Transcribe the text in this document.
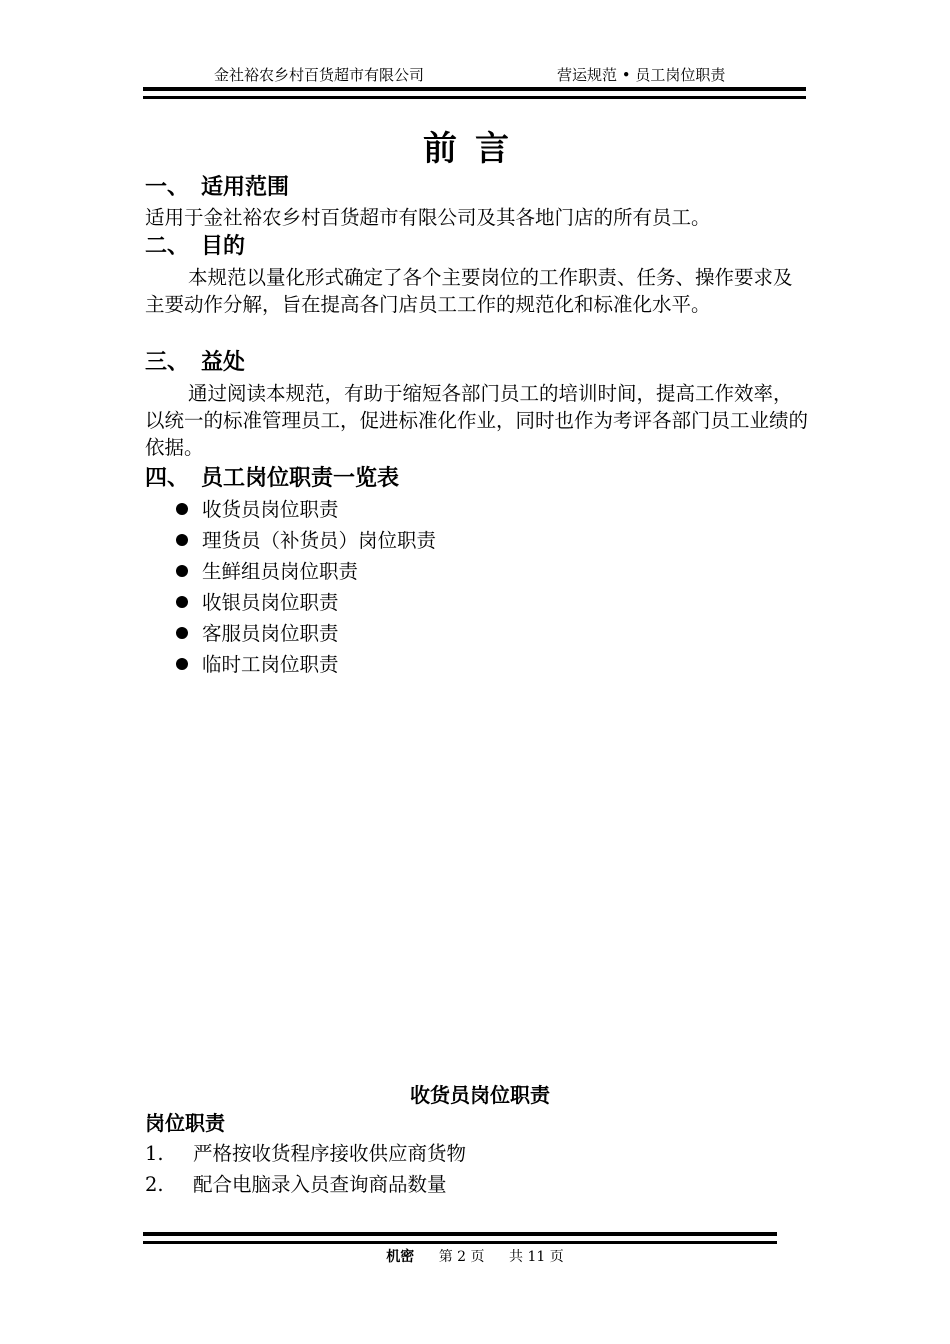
金社裕农乡村百货超市有限公司	营运规范 • 员工岗位职责
前言
一、 适用范围
适用于金社裕农乡村百货超市有限公司及其各地门店的所有员工。
二、 目的
本规范以量化形式确定了各个主要岗位的工作职责、任务、操作要求及主要动作分解，旨在提高各门店员工工作的规范化和标准化水平。
三、 益处
通过阅读本规范，有助于缩短各部门员工的培训时间，提高工作效率，以统一的标准管理员工，促进标准化作业，同时也作为考评各部门员工业绩的依据。
四、 员工岗位职责一览表
收货员岗位职责
理货员（补货员）岗位职责
生鲜组员岗位职责
收银员岗位职责
客服员岗位职责
临时工岗位职责
收货员岗位职责
岗位职责
1. 严格按收货程序接收供应商货物
2. 配合电脑录入员查询商品数量
机密 第 2 页 共 11 页
